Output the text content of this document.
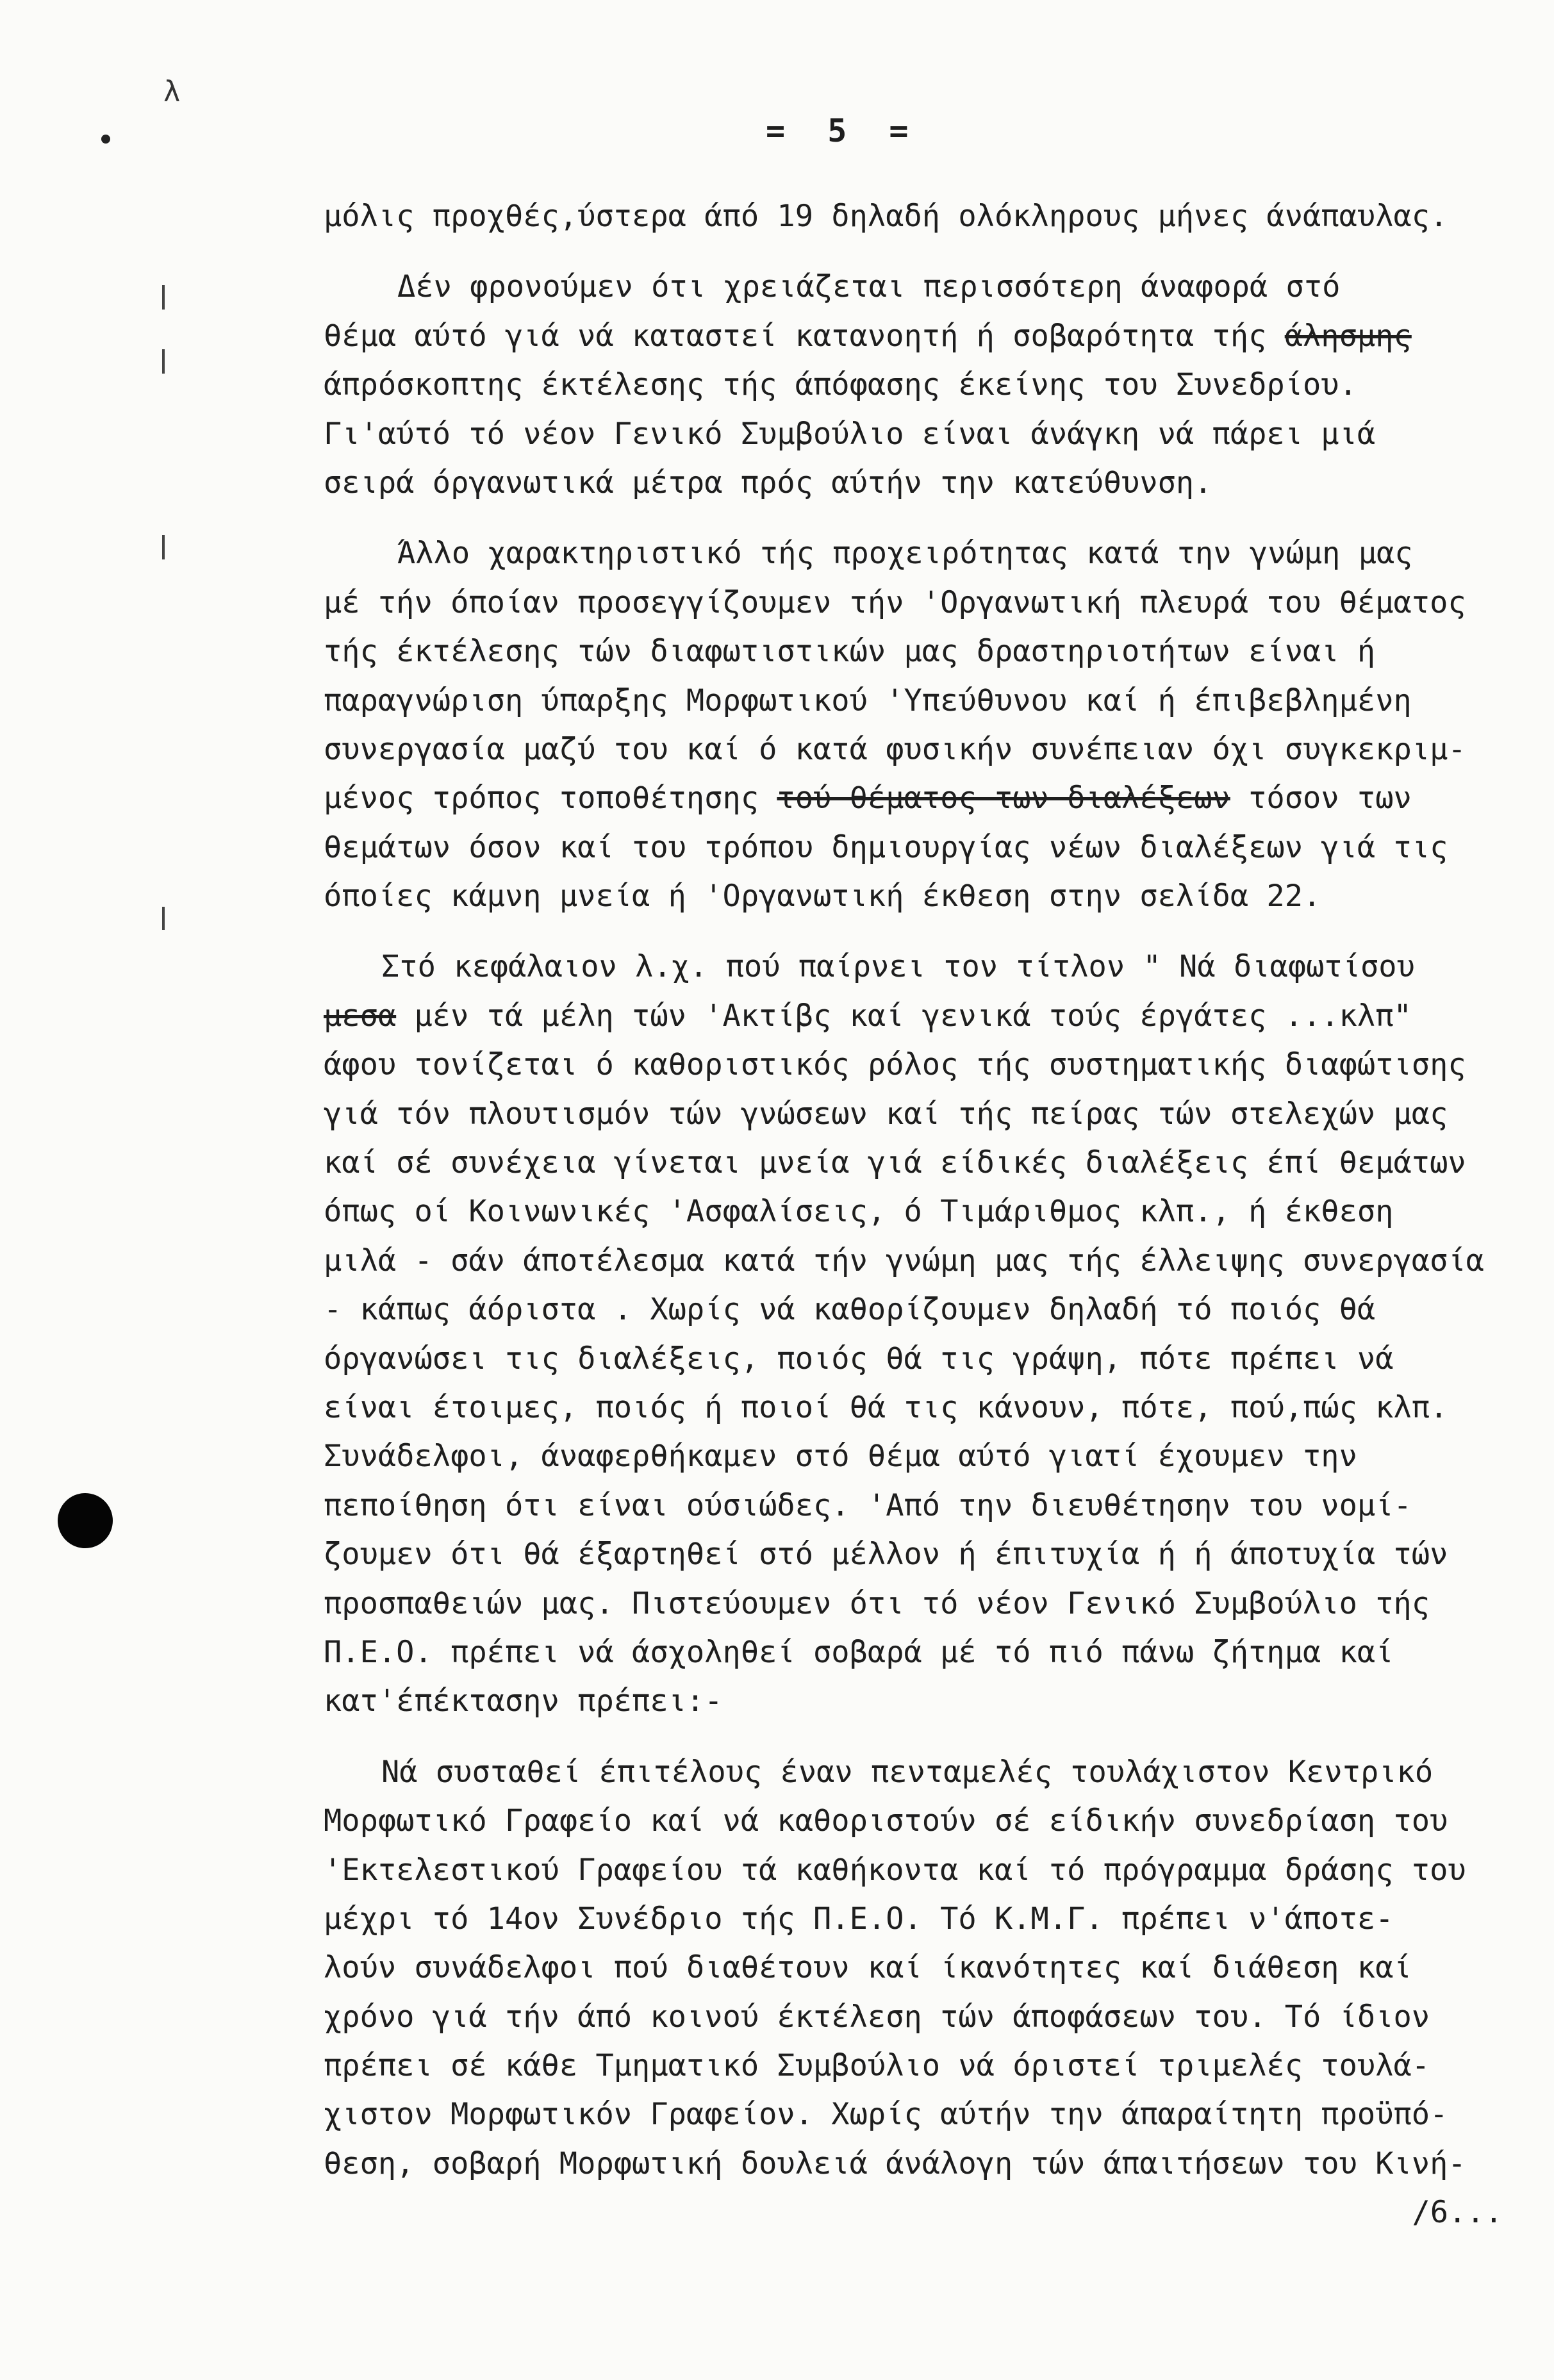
λ
= 5 =
μόλις προχθές,ύστερα άπό 19 δηλαδή ολόκληρους μήνες άνάπαυλας.
Δέν φρονούμεν ότι χρειάζεται περισσότερη άναφορά στό
θέμα αύτό γιά νά καταστεί κατανοητή ή σοβαρότητα τής άλησμης
άπρόσκοπτης έκτέλεσης τής άπόφασης έκείνης του Συνεδρίου.
Γι'αύτό τό νέον Γενικό Συμβούλιο είναι άνάγκη νά πάρει μιά
σειρά όργανωτικά μέτρα πρός αύτήν την κατεύθυνση.
Άλλο χαρακτηριστικό τής προχειρότητας κατά την γνώμη μας
μέ τήν όποίαν προσεγγίζουμεν τήν 'Οργανωτική πλευρά του θέματος
τής έκτέλεσης τών διαφωτιστικών μας δραστηριοτήτων είναι ή
παραγνώριση ύπαρξης Μορφωτικού 'Υπεύθυνου καί ή έπιβεβλημένη
συνεργασία μαζύ του καί ό κατά φυσικήν συνέπειαν όχι συγκεκριμ-
μένος τρόπος τοποθέτησης τού θέματος των διαλέξεων τόσον των
θεμάτων όσον καί του τρόπου δημιουργίας νέων διαλέξεων γιά τις
όποίες κάμνη μνεία ή 'Οργανωτική έκθεση στην σελίδα 22.
Στό κεφάλαιον λ.χ. πού παίρνει τον τίτλον " Νά διαφωτίσου
μεσα μέν τά μέλη τών 'Ακτίβς καί γενικά τούς έργάτες ...κλπ"
άφου τονίζεται ό καθοριστικός ρόλος τής συστηματικής διαφώτισης
γιά τόν πλουτισμόν τών γνώσεων καί τής πείρας τών στελεχών μας
καί σέ συνέχεια γίνεται μνεία γιά είδικές διαλέξεις έπί θεμάτων
όπως οί Κοινωνικές 'Ασφαλίσεις, ό Τιμάριθμος κλπ., ή έκθεση
μιλά - σάν άποτέλεσμα κατά τήν γνώμη μας τής έλλειψης συνεργασία
- κάπως άόριστα . Χωρίς νά καθορίζουμεν δηλαδή τό ποιός θά
όργανώσει τις διαλέξεις, ποιός θά τις γράψη, πότε πρέπει νά
είναι έτοιμες, ποιός ή ποιοί θά τις κάνουν, πότε, πού,πώς κλπ.
Συνάδελφοι, άναφερθήκαμεν στό θέμα αύτό γιατί έχουμεν την
πεποίθηση ότι είναι ούσιώδες. 'Από την διευθέτησην του νομί-
ζουμεν ότι θά έξαρτηθεί στό μέλλον ή έπιτυχία ή ή άποτυχία τών
προσπαθειών μας. Πιστεύουμεν ότι τό νέον Γενικό Συμβούλιο τής
Π.Ε.Ο. πρέπει νά άσχοληθεί σοβαρά μέ τό πιό πάνω ζήτημα καί
κατ'έπέκτασην πρέπει:-
Νά συσταθεί έπιτέλους έναν πενταμελές τουλάχιστον Κεντρικό
Μορφωτικό Γραφείο καί νά καθοριστούν σέ είδικήν συνεδρίαση του
'Εκτελεστικού Γραφείου τά καθήκοντα καί τό πρόγραμμα δράσης του
μέχρι τό 14ον Συνέδριο τής Π.Ε.Ο. Τό Κ.Μ.Γ. πρέπει ν'άποτε-
λούν συνάδελφοι πού διαθέτουν καί ίκανότητες καί διάθεση καί
χρόνο γιά τήν άπό κοινού έκτέλεση τών άποφάσεων του. Τό ίδιον
πρέπει σέ κάθε Τμηματικό Συμβούλιο νά όριστεί τριμελές τουλά-
χιστον Μορφωτικόν Γραφείον. Χωρίς αύτήν την άπαραίτητη προϋπό-
θεση, σοβαρή Μορφωτική δουλειά άνάλογη τών άπαιτήσεων του Κινή-
/6...
